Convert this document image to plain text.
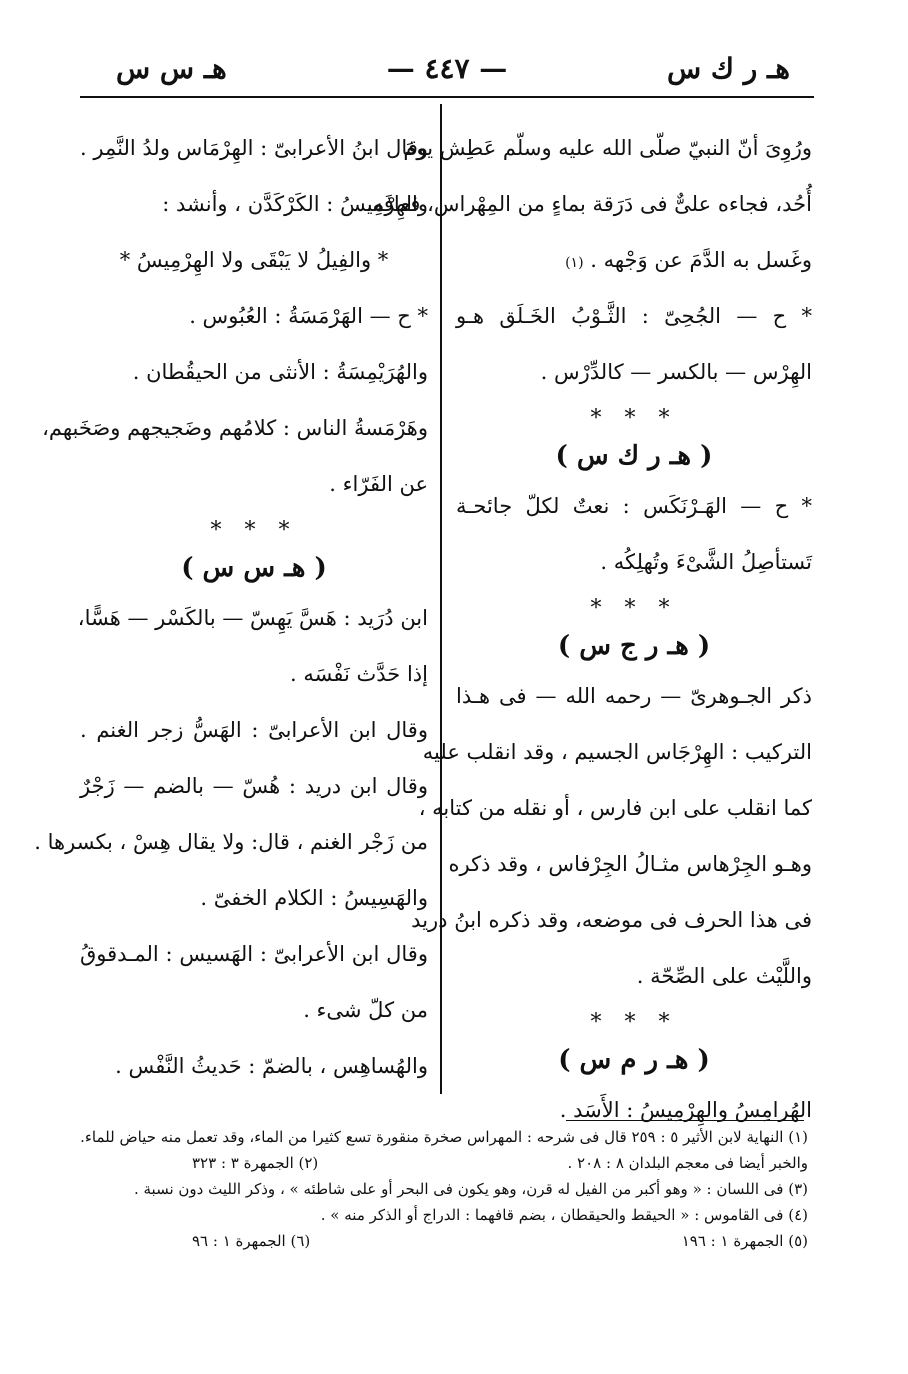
هـ ر ك س
— ٤٤٧ —
هـ س س
ورُوِىَ أنّ النبيّ صلّى الله عليه وسلّم عَطِش يومَ
أُحُد، فجاءه علىٌّ فى دَرَقة بماءٍ من المِهْراس، فعافَه،
وغَسل به الدَّمَ عن وَجْهه . (١)
* ح — الجُحِىّ : الثَّـوْبُ الخَـلَق هـو
الهِرْس — بالكسر — كالدِّرْس .
* * *
( هـ ر ك س )
* ح — الهَـرْنَكَس : نعتٌ لكلّ جائحـة
تَستأصِلُ الشَّىْءَ وتُهلِكُه .
* * *
( هـ ر ج س )
ذكر الجـوهرىّ — رحمه الله — فى هـذا
التركيب : الهِرْجَاس الجسيم ، وقد انقلب عليه
كما انقلب على ابن فارس ، أو نقله من كتابه ،
وهـو الجِرْهاس مثـالُ الجِرْفاس ، وقد ذكره
فى هذا الحرف فى موضعه، وقد ذكره ابنُ دريد
واللَّيْث على الصِّحّة .
* * *
( هـ ر م س )
الهُرامِسُ والهِرْمِيسُ : الأَسَد .
وقال ابنُ الأعرابىّ : الهِرْمَاس ولدُ النَّمِر .
والهِرْمِيسُ : الكَرْكَدَّن ، وأنشد :
* والفِيلُ لا يَبْقَى ولا الهِرْمِيسُ *
* ح — الهَرْمَسَةُ : العُبُوس .
والهُرَيْمِسَةُ : الأنثى من الحيقُطان .
وهَرْمَسةُ الناس : كلامُهم وضَجيجهم وصَخَبهم،
عن الفَرّاء .
* * *
( هـ س س )
ابن دُرَيد : هَسَّ يَهِسّ — بالكَسْر — هَسًّا،
إذا حَدَّث نَفْسَه .
وقال ابن الأعرابىّ : الهَسُّ زجر الغنم .
وقال ابن دريد : هُسّ — بالضم — زَجْرٌ
من زَجْر الغنم ، قال: ولا يقال هِسْ ، بكسرها .
والهَسِيسُ : الكلام الخفىّ .
وقال ابن الأعرابىّ : الهَسيس : المـدقوقُ
من كلّ شىء .
والهُساهِس ، بالضمّ : حَديثُ النَّفْس .
(١) النهاية لابن الأثير ٥ : ٢٥٩ قال فى شرحه : المهراس صخرة منقورة تسع كثيرا من الماء، وقد تعمل منه حياض للماء.
والخبر أيضا فى معجم البلدان ٨ : ٢٠٨ .
(٢) الجمهرة ٣ : ٣٢٣
(٣) فى اللسان : « وهو أكبر من الفيل له قرن، وهو يكون فى البحر أو على شاطئه » ، وذكر الليث دون نسبة .
(٤) فى القاموس : « الحيقط والحيقطان ، بضم قافهما : الدراج أو الذكر منه » .
(٥) الجمهرة ١ : ١٩٦
(٦) الجمهرة ١ : ٩٦
